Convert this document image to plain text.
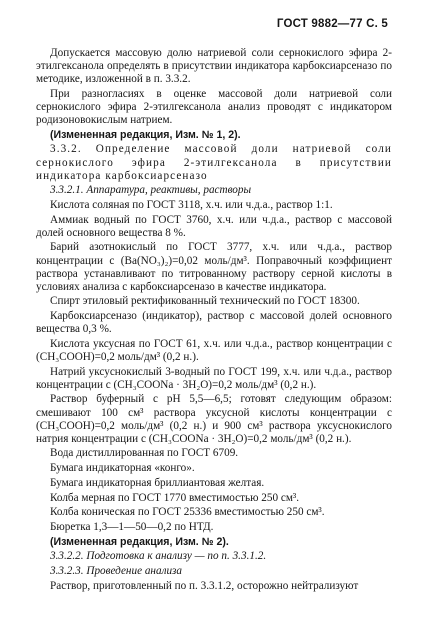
ГОСТ 9882—77 С. 5

Допускается массовую долю натриевой соли сернокислого эфира 2-этилгексанола определять в присутствии индикатора карбоксиарсеназо по методике, изложенной в п. 3.3.2.

При разногласиях в оценке массовой доли натриевой соли сернокислого эфира 2-этилгексанола анализ проводят с индикатором родизоновокислым натрием.

(Измененная редакция, Изм. № 1, 2).

3.3.2. Определение массовой доли натриевой соли сернокислого эфира 2-этилгексанола в присутствии индикатора карбоксиарсеназо

3.3.2.1. Аппаратура, реактивы, растворы

Кислота соляная по ГОСТ 3118, х.ч. или ч.д.а., раствор 1:1.

Аммиак водный по ГОСТ 3760, х.ч. или ч.д.а., раствор с массовой долей основного вещества 8 %.

Барий азотнокислый по ГОСТ 3777, х.ч. или ч.д.а., раствор концентрации c (Ba(NO₃)₂)=0,02 моль/дм³. Поправочный коэффициент раствора устанавливают по титрованному раствору серной кислоты в условиях анализа с карбоксиарсеназо в качестве индикатора.

Спирт этиловый ректификованный технический по ГОСТ 18300.

Карбоксиарсеназо (индикатор), раствор с массовой долей основного вещества 0,3 %.

Кислота уксусная по ГОСТ 61, х.ч. или ч.д.а., раствор концентрации c (CH₃COOH)=0,2 моль/дм³ (0,2 н.).

Натрий уксуснокислый 3-водный по ГОСТ 199, х.ч. или ч.д.а., раствор концентрации c (CH₃COONa · 3H₂O)=0,2 моль/дм³ (0,2 н.).

Раствор буферный с pH 5,5—6,5; готовят следующим образом: смешивают 100 см³ раствора уксусной кислоты концентрации c (CH₃COOH)=0,2 моль/дм³ (0,2 н.) и 900 см³ раствора уксуснокислого натрия концентрации c (CH₃COONa · 3H₂O)=0,2 моль/дм³ (0,2 н.).

Вода дистиллированная по ГОСТ 6709.

Бумага индикаторная «конго».

Бумага индикаторная бриллиантовая желтая.

Колба мерная по ГОСТ 1770 вместимостью 250 см³.

Колба коническая по ГОСТ 25336 вместимостью 250 см³.

Бюретка 1,3—1—50—0,2 по НТД.

(Измененная редакция, Изм. № 2).

3.3.2.2. Подготовка к анализу — по п. 3.3.1.2.

3.3.2.3. Проведение анализа

Раствор, приготовленный по п. 3.3.1.2, осторожно нейтрализуют
